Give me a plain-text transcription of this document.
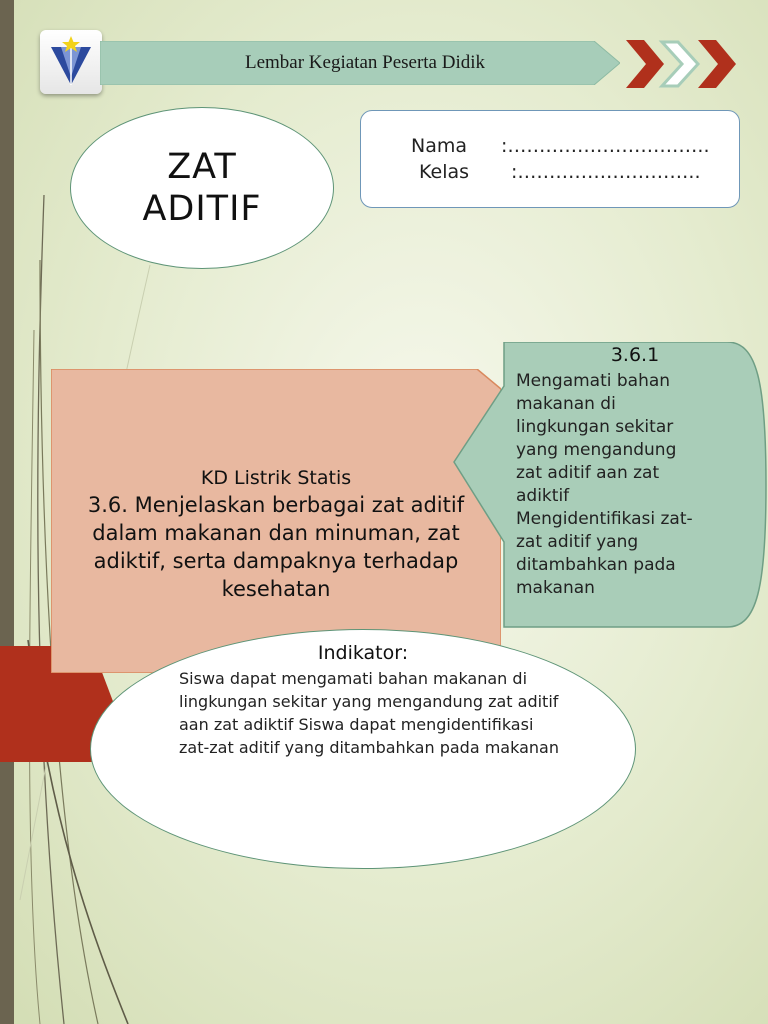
Lembar Kegiatan Peserta Didik
ZAT
ADITIF
Nama :…………………………..
Kelas :………………………..
KD Listrik Statis
3.6. Menjelaskan berbagai zat aditif dalam makanan dan minuman, zat adiktif, serta dampaknya terhadap kesehatan
3.6.1
Mengamati bahan makanan di lingkungan sekitar yang mengandung zat aditif aan zat adiktif Mengidentifikasi zat-zat aditif yang ditambahkan pada makanan
Indikator:
Siswa dapat mengamati bahan makanan di lingkungan sekitar yang mengandung zat aditif aan zat adiktif Siswa dapat mengidentifikasi zat-zat aditif yang ditambahkan pada makanan
